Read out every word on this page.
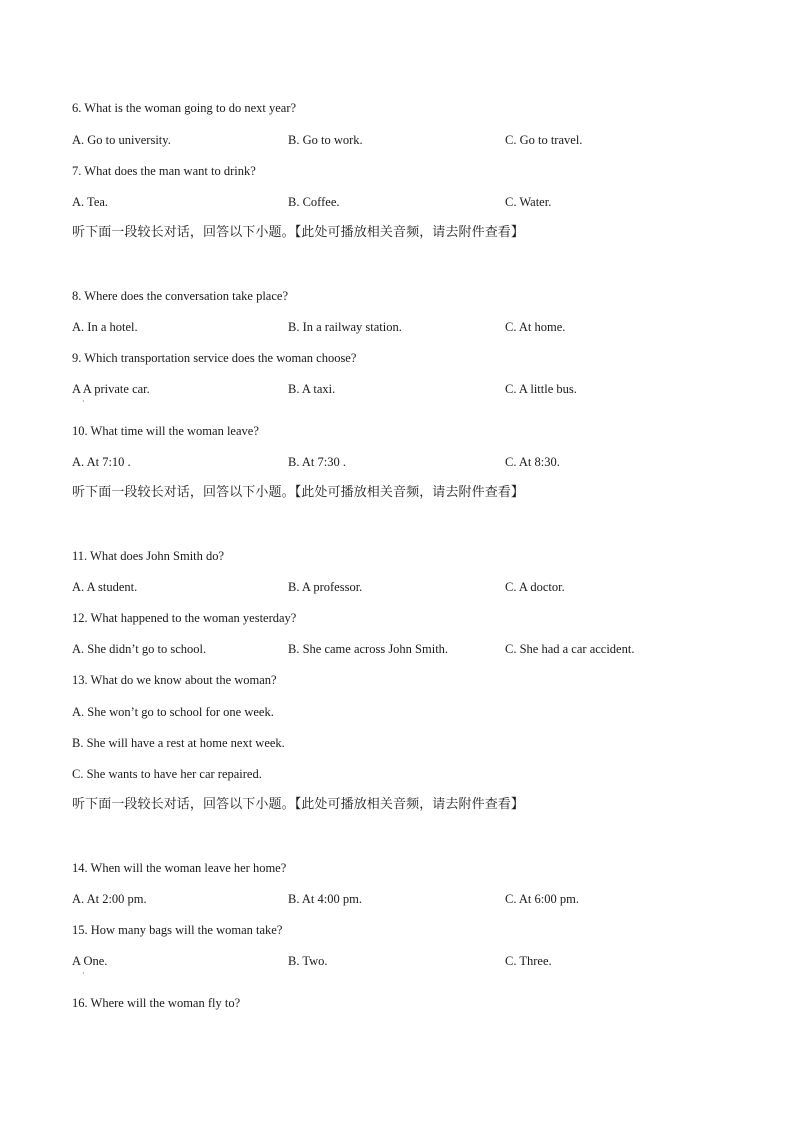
6. What is the woman going to do next year?
A. Go to university.	B. Go to work.	C. Go to travel.
7. What does the man want to drink?
A. Tea.	B. Coffee.	C. Water.
听下面一段较长对话，回答以下小题。【此处可播放相关音频，请去附件查看】
8. Where does the conversation take place?
A. In a hotel.	B. In a railway station.	C. At home.
9. Which transportation service does the woman choose?
A A private car.
·
B. A taxi.	C. A little bus.
10. What time will the woman leave?
A. At 7:10 .	B. At 7:30 .	C. At 8:30.
听下面一段较长对话，回答以下小题。【此处可播放相关音频，请去附件查看】
11. What does John Smith do?
A. A student.	B. A professor.	C. A doctor.
12. What happened to the woman yesterday?
A. She didn’t go to school.	B. She came across John Smith.	C. She had a car accident.
13. What do we know about the woman?
A. She won’t go to school for one week.
B. She will have a rest at home next week.
C. She wants to have her car repaired.
听下面一段较长对话，回答以下小题。【此处可播放相关音频，请去附件查看】
14. When will the woman leave her home?
A. At 2:00 pm.	B. At 4:00 pm.	C. At 6:00 pm.
15. How many bags will the woman take?
A One.
·
B. Two.	C. Three.
16. Where will the woman fly to?
